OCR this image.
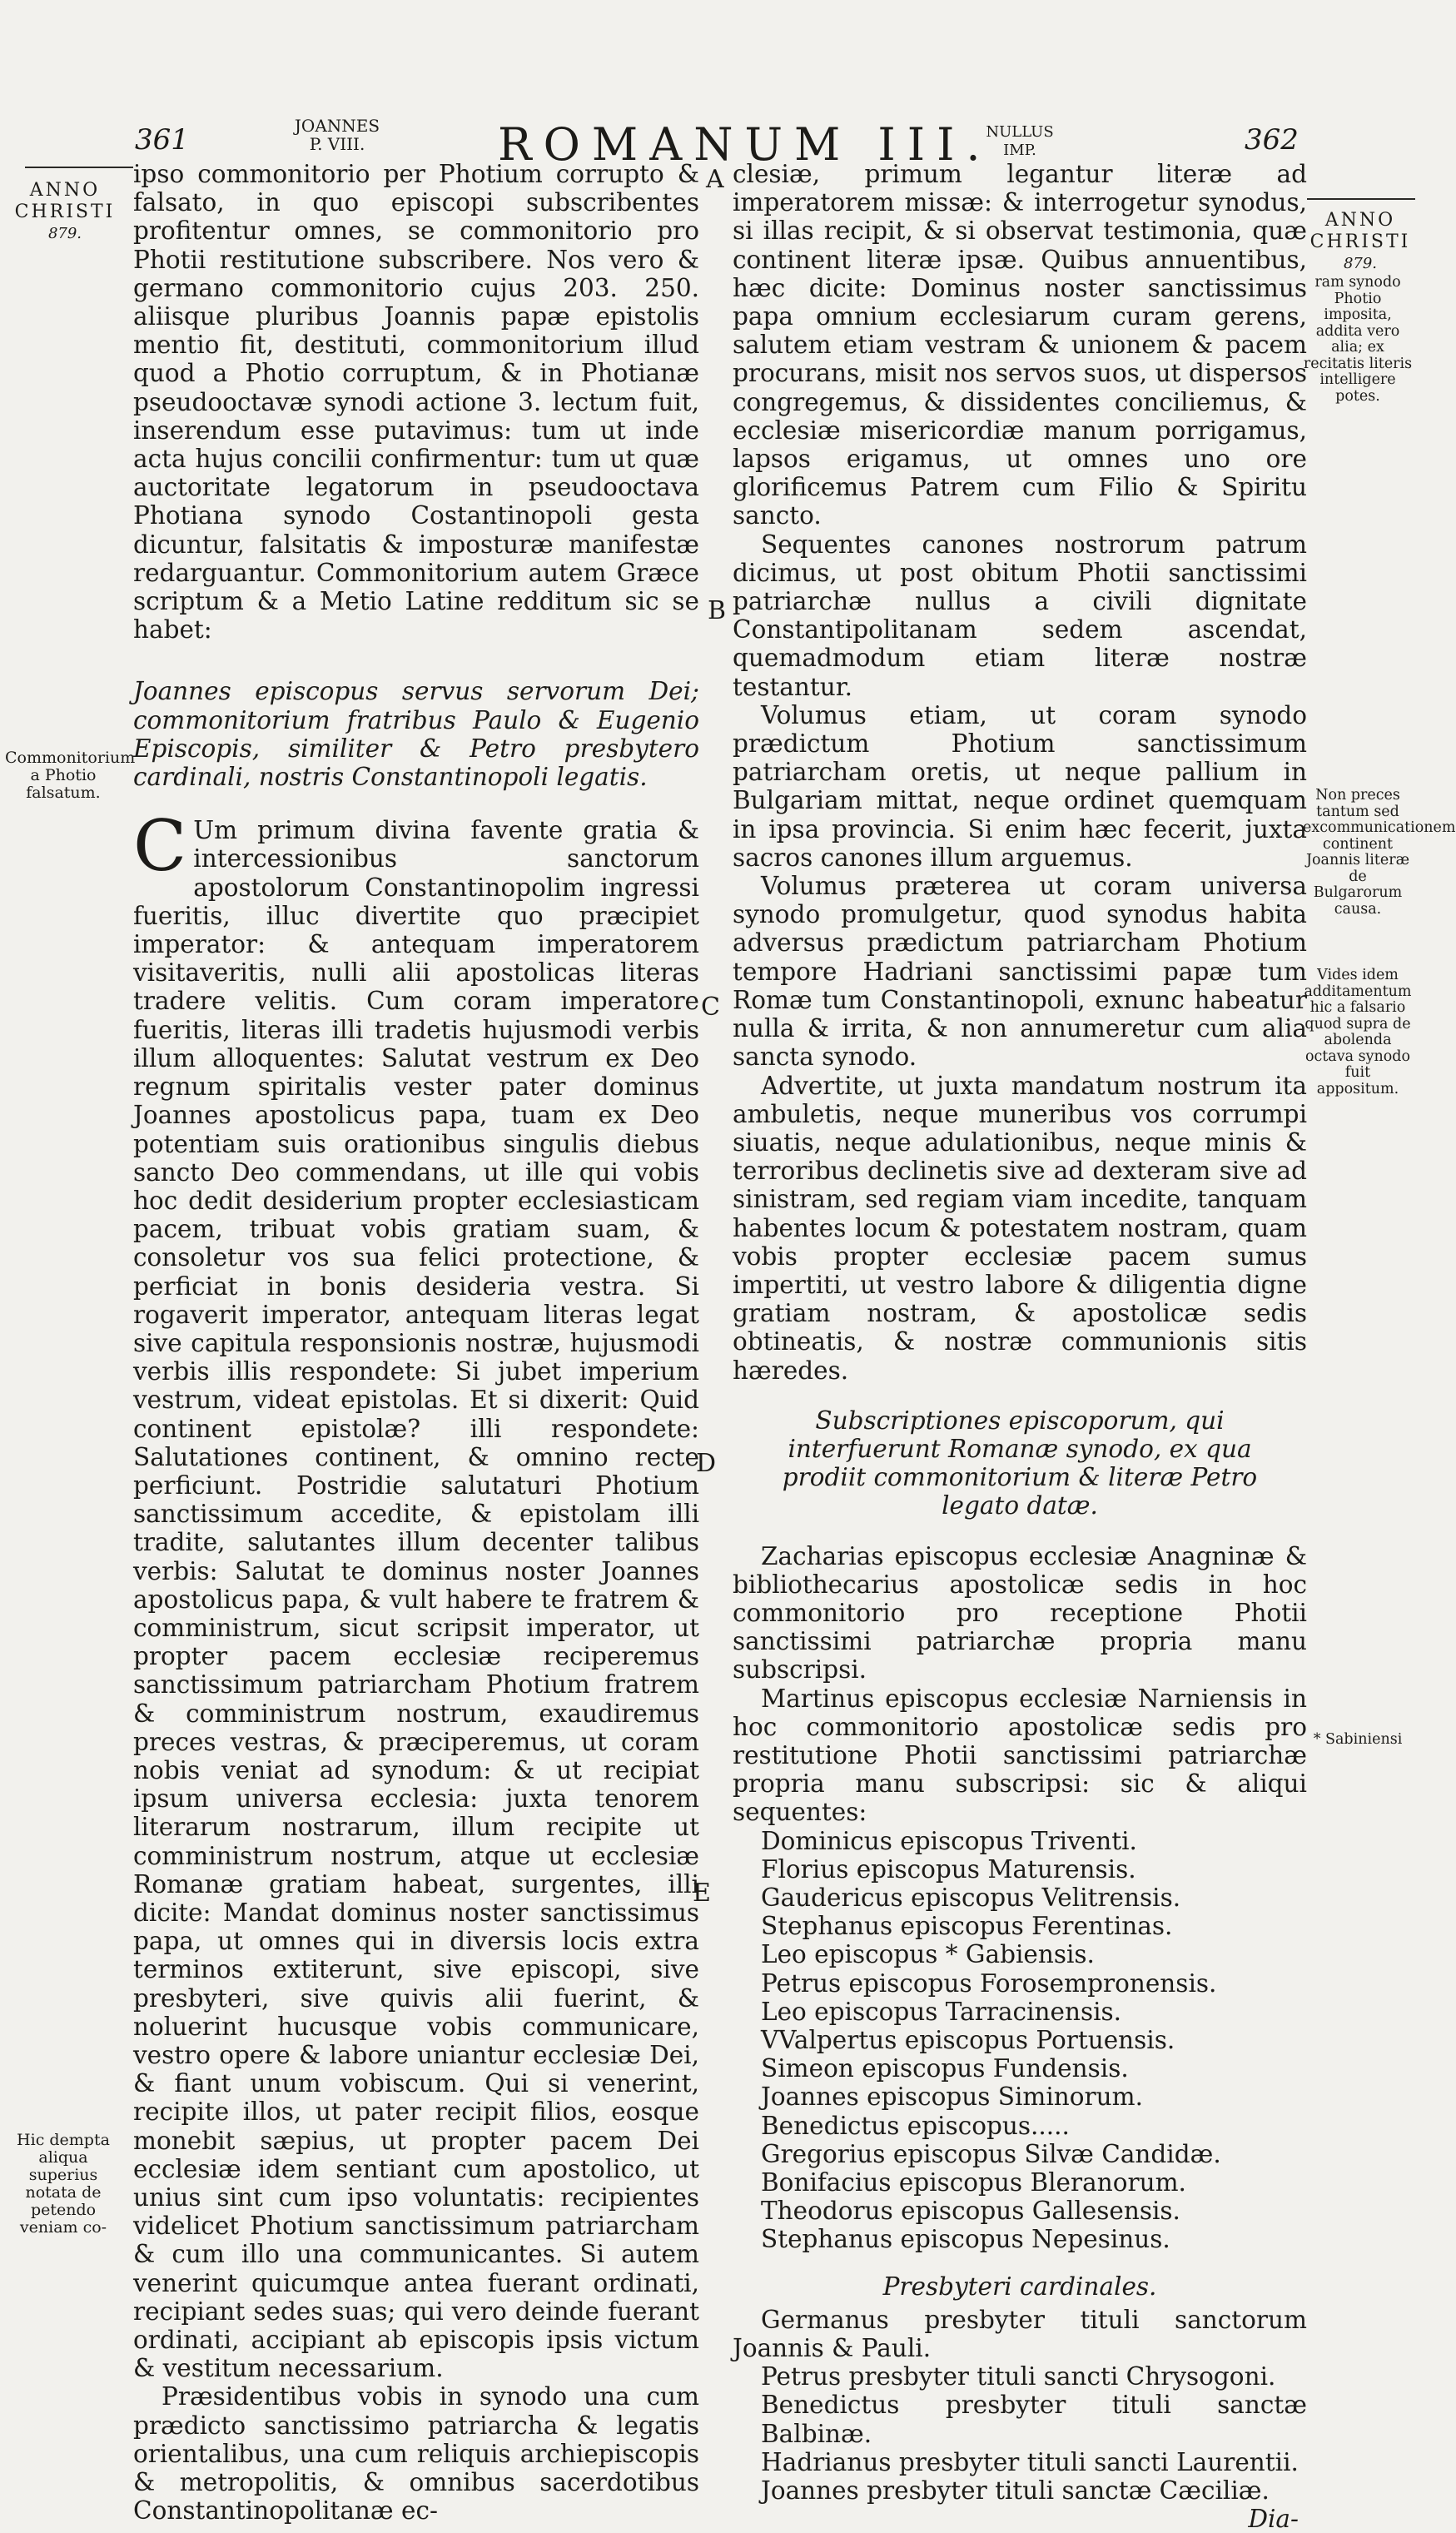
361	JOANNES
P. VIII.	ROMANUM III.
NULLUS
IMP.	362
ANNO
CHRISTI
879.
ANNO
CHRISTI
879.
A
B
C
D
E

ipso commonitorio per Photium corrupto & falsato, in quo episcopi subscribentes profitentur omnes, se commonitorio pro Photii restitutione subscribere. Nos vero & germano commonitorio cujus 203. 250. aliisque pluribus Joannis papæ epistolis mentio fit, destituti, commonitorium illud quod a Photio corruptum, & in Photianæ pseudooctavæ synodi actione 3. lectum fuit, inserendum esse putavimus: tum ut inde acta hujus concilii confirmentur: tum ut quæ auctoritate legatorum in pseudooctava Photiana synodo Costantinopoli gesta dicuntur, falsitatis & imposturæ manifestæ redarguantur. Commonitorium autem Græce scriptum & a Metio Latine redditum sic se habet:

Joannes episcopus servus servorum Dei; commonitorium fratribus Paulo & Eugenio Episcopis, similiter & Petro presbytero cardinali, nostris Constantinopoli legatis.

C Um primum divina favente gratia & intercessionibus sanctorum apostolorum Constantinopolim ingressi fueritis, illuc divertite quo præcipiet imperator: & antequam imperatorem visitaveritis, nulli alii apostolicas literas tradere velitis. Cum coram imperatore fueritis, literas illi tradetis hujusmodi verbis illum alloquentes: Salutat vestrum ex Deo regnum spiritalis vester pater dominus Joannes apostolicus papa, tuam ex Deo potentiam suis orationibus singulis diebus sancto Deo commendans, ut ille qui vobis hoc dedit desiderium propter ecclesiasticam pacem, tribuat vobis gratiam suam, & consoletur vos sua felici protectione, & perficiat in bonis desideria vestra. Si rogaverit imperator, antequam literas legat sive capitula responsionis nostræ, hujusmodi verbis illis respondete: Si jubet imperium vestrum, videat epistolas. Et si dixerit: Quid continent epistolæ? illi respondete: Salutationes continent, & omnino recte perficiunt. Postridie salutaturi Photium sanctissimum accedite, & epistolam illi tradite, salutantes illum decenter talibus verbis: Salutat te dominus noster Joannes apostolicus papa, & vult habere te fratrem & comministrum, sicut scripsit imperator, ut propter pacem ecclesiæ reciperemus sanctissimum patriarcham Photium fratrem & comministrum nostrum, exaudiremus preces vestras, & præciperemus, ut coram nobis veniat ad synodum: & ut recipiat ipsum universa ecclesia: juxta tenorem literarum nostrarum, illum recipite ut comministrum nostrum, atque ut ecclesiæ Romanæ gratiam habeat, surgentes, illi dicite: Mandat dominus noster sanctissimus papa, ut omnes qui in diversis locis extra terminos extiterunt, sive episcopi, sive presbyteri, sive quivis alii fuerint, & noluerint hucusque vobis communicare, vestro opere & labore uniantur ecclesiæ Dei, & fiant unum vobiscum. Qui si venerint, recipite illos, ut pater recipit filios, eosque monebit sæpius, ut propter pacem Dei ecclesiæ idem sentiant cum apostolico, ut unius sint cum ipso voluntatis: recipientes videlicet Photium sanctissimum patriarcham & cum illo una communicantes. Si autem venerint quicumque antea fuerant ordinati, recipiant sedes suas; qui vero deinde fuerant ordinati, accipiant ab episcopis ipsis victum & vestitum necessarium.

Præsidentibus vobis in synodo una cum prædicto sanctissimo patriarcha & legatis orientalibus, una cum reliquis archiepiscopis & metropolitis, & omnibus sacerdotibus Constantinopolitanæ ec-

clesiæ, primum legantur literæ ad imperatorem missæ: & interrogetur synodus, si illas recipit, & si observat testimonia, quæ continent literæ ipsæ. Quibus annuentibus, hæc dicite: Dominus noster sanctissimus papa omnium ecclesiarum curam gerens, salutem etiam vestram & unionem & pacem procurans, misit nos servos suos, ut dispersos congregemus, & dissidentes conciliemus, & ecclesiæ misericordiæ manum porrigamus, lapsos erigamus, ut omnes uno ore glorificemus Patrem cum Filio & Spiritu sancto.

Sequentes canones nostrorum patrum dicimus, ut post obitum Photii sanctissimi patriarchæ nullus a civili dignitate Constantipolitanam sedem ascendat, quemadmodum etiam literæ nostræ testantur.

Volumus etiam, ut coram synodo prædictum Photium sanctissimum patriarcham oretis, ut neque pallium in Bulgariam mittat, neque ordinet quemquam in ipsa provincia. Si enim hæc fecerit, juxta sacros canones illum arguemus.

Volumus præterea ut coram universa synodo promulgetur, quod synodus habita adversus prædictum patriarcham Photium tempore Hadriani sanctissimi papæ tum Romæ tum Constantinopoli, exnunc habeatur nulla & irrita, & non annumeretur cum alia sancta synodo.

Advertite, ut juxta mandatum nostrum ita ambuletis, neque muneribus vos corrumpi siuatis, neque adulationibus, neque minis & terroribus declinetis sive ad dexteram sive ad sinistram, sed regiam viam incedite, tanquam habentes locum & potestatem nostram, quam vobis propter ecclesiæ pacem sumus impertiti, ut vestro labore & diligentia digne gratiam nostram, & apostolicæ sedis obtineatis, & nostræ communionis sitis hæredes.

Subscriptiones episcoporum, qui interfuerunt Romanæ synodo, ex qua prodiit commonitorium & literæ Petro legato datæ.

Zacharias episcopus ecclesiæ Anagninæ & bibliothecarius apostolicæ sedis in hoc commonitorio pro receptione Photii sanctissimi patriarchæ propria manu subscripsi.

Martinus episcopus ecclesiæ Narniensis in hoc commonitorio apostolicæ sedis pro restitutione Photii sanctissimi patriarchæ propria manu subscripsi: sic & aliqui sequentes:

Dominicus episcopus Triventi.
Florius episcopus Maturensis.
Gaudericus episcopus Velitrensis.
Stephanus episcopus Ferentinas.
Leo episcopus * Gabiensis.
Petrus episcopus Forosempronensis.
Leo episcopus Tarracinensis.
VValpertus episcopus Portuensis.
Simeon episcopus Fundensis.
Joannes episcopus Siminorum.
Benedictus episcopus.....
Gregorius episcopus Silvæ Candidæ.
Bonifacius episcopus Bleranorum.
Theodorus episcopus Gallesensis.
Stephanus episcopus Nepesinus.
Presbyteri cardinales.

Germanus presbyter tituli sanctorum Joannis & Pauli.

Petrus presbyter tituli sancti Chrysogoni.
Benedictus presbyter tituli sanctæ Balbinæ.
Hadrianus presbyter tituli sancti Laurentii.
Joannes presbyter tituli sanctæ Cæciliæ.
Dia-
Commonitorium a Photio falsatum.
Hic dempta aliqua superius notata de petendo veniam co-
ram synodo Photio imposita, addita vero alia; ex recitatis literis intelligere potes.
Non preces tantum sed excommunicationem continent Joannis literæ de Bulgarorum causa.
Vides idem additamentum hic a falsario quod supra de abolenda octava synodo fuit appositum.
* Sabiniensi
